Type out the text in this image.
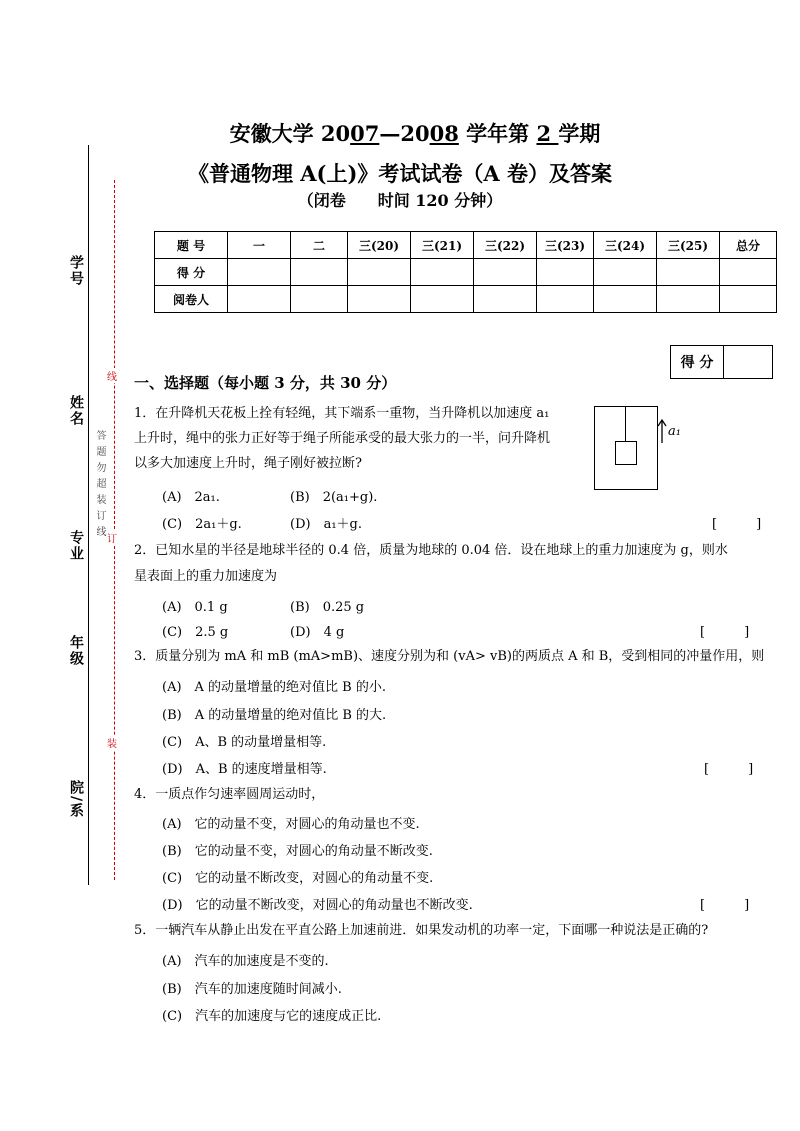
学号
姓名
专业
年级
院/系
线
订
装
答题勿超装订线
安徽大学 2007—2008 学年第 2 学期
《普通物理 A(上)》考试试卷（A 卷）及答案
（闭卷　　时间 120 分钟）
题 号	一	二	三(20)	三(21)	三(22)	三(23)	三(24)	三(25)	总分
得 分									
阅卷人									
得 分	
一、选择题（每小题 3 分，共 30 分）
1．在升降机天花板上拴有轻绳，其下端系一重物，当升降机以加速度 a₁
上升时，绳中的张力正好等于绳子所能承受的最大张力的一半，问升降机
以多大加速度上升时，绳子刚好被拉断?
a₁
(A)　2a₁.	(B)　2(a₁+g).
(C)　2a₁＋g.	(D)　a₁＋g.	[　　　]
2．已知水星的半径是地球半径的 0.4 倍，质量为地球的 0.04 倍．设在地球上的重力加速度为 g，则水
星表面上的重力加速度为
(A)　0.1 g	(B)　0.25 g
(C)　2.5 g	(D)　4 g	[　　　]
3．质量分别为 mA 和 mB (mA>mB)、速度分别为和 (vA> vB)的两质点 A 和 B，受到相同的冲量作用，则
(A)　A 的动量增量的绝对值比 B 的小.
(B)　A 的动量增量的绝对值比 B 的大.
(C)　A、B 的动量增量相等.
(D)　A、B 的速度增量相等.	[　　　]
4．一质点作匀速率圆周运动时，
(A)　它的动量不变，对圆心的角动量也不变.
(B)　它的动量不变，对圆心的角动量不断改变.
(C)　它的动量不断改变，对圆心的角动量不变.
(D)　它的动量不断改变，对圆心的角动量也不断改变.	[　　　]
5．一辆汽车从静止出发在平直公路上加速前进．如果发动机的功率一定，下面哪一种说法是正确的?
(A)　汽车的加速度是不变的.
(B)　汽车的加速度随时间减小.
(C)　汽车的加速度与它的速度成正比.
